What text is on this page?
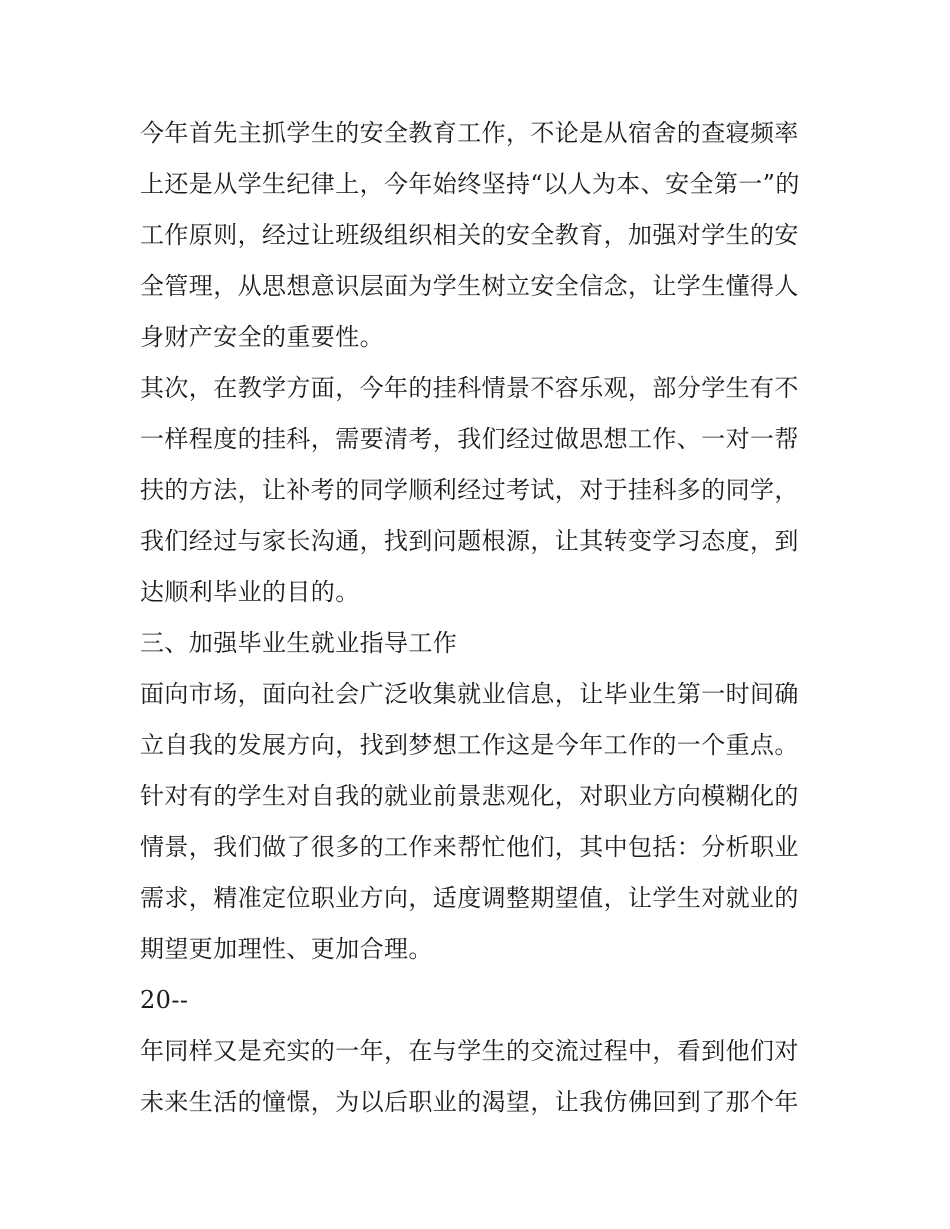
今年首先主抓学生的安全教育工作，不论是从宿舍的查寝频率
上还是从学生纪律上，今年始终坚持“以人为本、安全第一”的
工作原则，经过让班级组织相关的安全教育，加强对学生的安
全管理，从思想意识层面为学生树立安全信念，让学生懂得人
身财产安全的重要性。
其次，在教学方面，今年的挂科情景不容乐观，部分学生有不
一样程度的挂科，需要清考，我们经过做思想工作、一对一帮
扶的方法，让补考的同学顺利经过考试，对于挂科多的同学，
我们经过与家长沟通，找到问题根源，让其转变学习态度，到
达顺利毕业的目的。
三、加强毕业生就业指导工作
面向市场，面向社会广泛收集就业信息，让毕业生第一时间确
立自我的发展方向，找到梦想工作这是今年工作的一个重点。
针对有的学生对自我的就业前景悲观化，对职业方向模糊化的
情景，我们做了很多的工作来帮忙他们，其中包括：分析职业
需求，精准定位职业方向，适度调整期望值，让学生对就业的
期望更加理性、更加合理。
20--
年同样又是充实的一年，在与学生的交流过程中，看到他们对
未来生活的憧憬，为以后职业的渴望，让我仿佛回到了那个年
